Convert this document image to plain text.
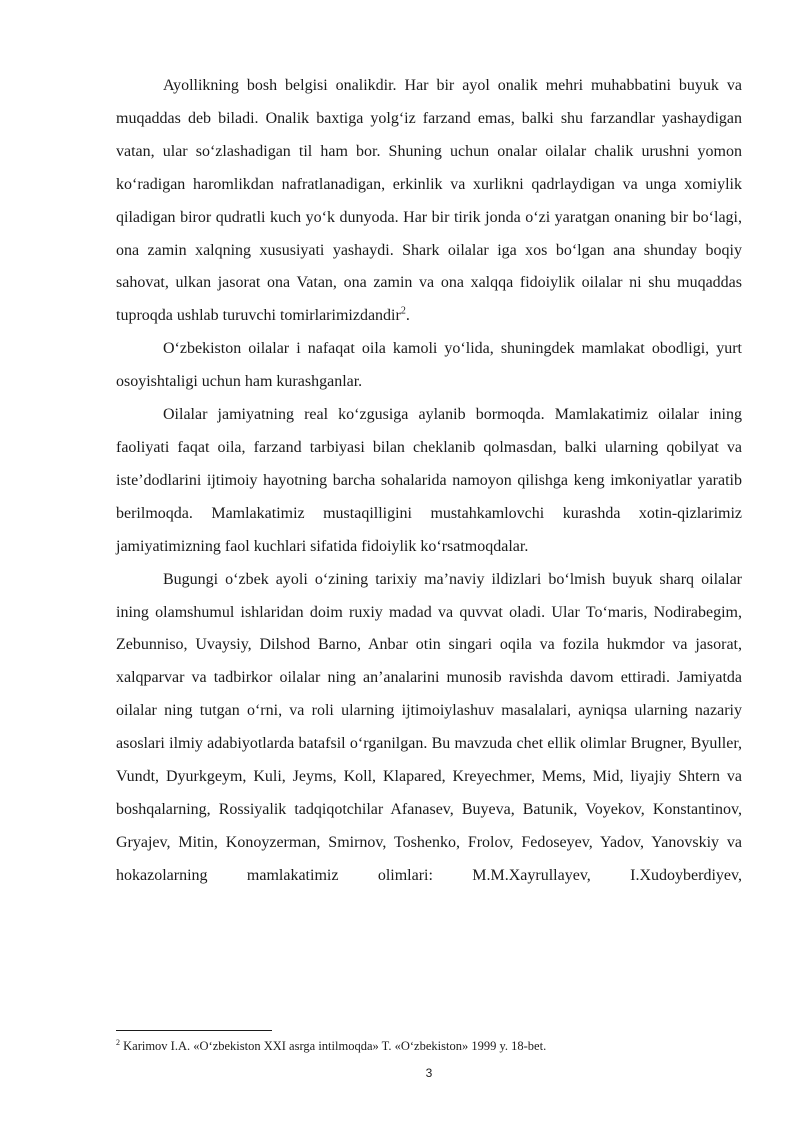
Ayollikning bosh belgisi onalikdir. Har bir ayol onalik mehri muhabbatini buyuk va muqaddas deb biladi. Onalik baxtiga yolg‘iz farzand emas, balki shu farzandlar yashaydigan vatan, ular so‘zlashadigan til ham bor. Shuning uchun onalar oilalar chalik urushni yomon ko‘radigan haromlikdan nafratlanadigan, erkinlik va xurlikni qadrlaydigan va unga xomiylik qiladigan biror qudratli kuch yo‘k dunyoda. Har bir tirik jonda o‘zi yaratgan onaning bir bo‘lagi, ona zamin xalqning xususiyati yashaydi. Shark oilalar iga xos bo‘lgan ana shunday boqiy sahovat, ulkan jasorat ona Vatan, ona zamin va ona xalqqa fidoiylik oilalar ni shu muqaddas tuproqda ushlab turuvchi tomirlarimizdandir$^2$.

O‘zbekiston oilalar i nafaqat oila kamoli yo‘lida, shuningdek mamlakat obodligi, yurt osoyishtaligi uchun ham kurashganlar.

Oilalar jamiyatning real ko‘zgusiga aylanib bormoqda. Mamlakatimiz oilalar ining faoliyati faqat oila, farzand tarbiyasi bilan cheklanib qolmasdan, balki ularning qobilyat va iste’dodlarini ijtimoiy hayotning barcha sohalarida namoyon qilishga keng imkoniyatlar yaratib berilmoqda. Mamlakatimiz mustaqilligini mustahkamlovchi kurashda xotin-qizlarimiz jamiyatimizning faol kuchlari sifatida fidoiylik ko‘rsatmoqdalar.

Bugungi o‘zbek ayoli o‘zining tarixiy ma’naviy ildizlari bo‘lmish buyuk sharq oilalar ining olamshumul ishlaridan doim ruxiy madad va quvvat oladi. Ular To‘maris, Nodirabegim, Zebunniso, Uvaysiy, Dilshod Barno, Anbar otin singari oqila va fozila hukmdor va jasorat, xalqparvar va tadbirkor oilalar ning an’analarini munosib ravishda davom ettiradi. Jamiyatda oilalar ning tutgan o‘rni, va roli ularning ijtimoiylashuv masalalari, ayniqsa ularning nazariy asoslari ilmiy adabiyotlarda batafsil o‘rganilgan. Bu mavzuda chet ellik olimlar Brugner, Byuller, Vundt, Dyurkgeym, Kuli, Jeyms, Koll, Klapared, Kreyechmer, Mems, Mid, liyajiy Shtern va boshqalarning, Rossiyalik tadqiqotchilar Afanasev, Buyeva, Batunik, Voyekov, Konstantinov, Gryajev, Mitin, Konoyzerman, Smirnov, Toshenko, Frolov, Fedoseyev, Yadov, Yanovskiy va hokazolarning mamlakatimiz olimlari: M.M.Xayrullayev, I.Xudoyberdiyev,

$^2$ Karimov I.A. «O‘zbekiston XXI asrga intilmoqda» T. «O‘zbekiston» 1999 y. 18-bet.
3
